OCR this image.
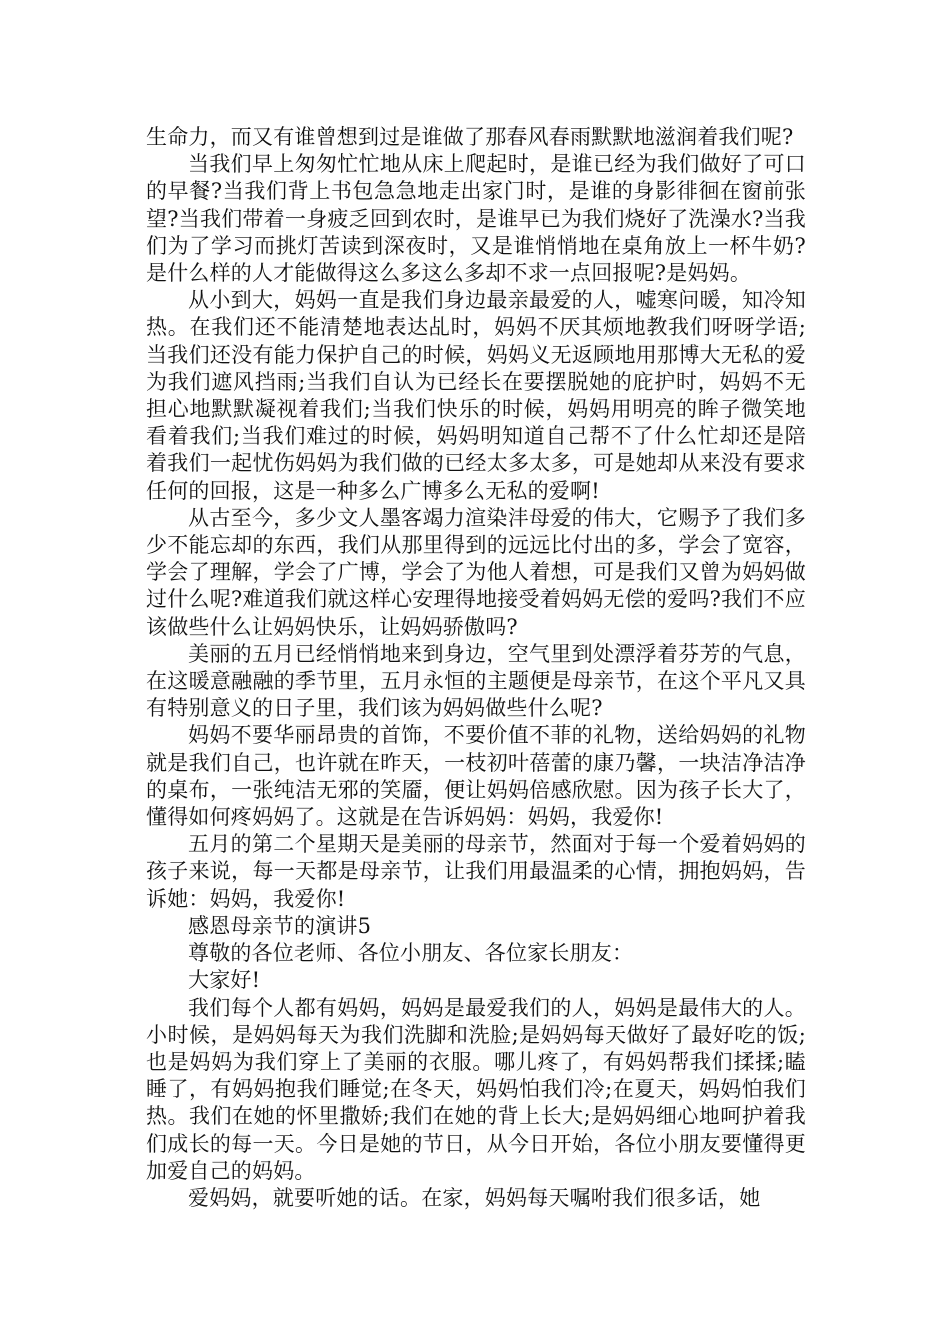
生命力，而又有谁曾想到过是谁做了那春风春雨默默地滋润着我们呢?

当我们早上匆匆忙忙地从床上爬起时，是谁已经为我们做好了可口的早餐?当我们背上书包急急地走出家门时，是谁的身影徘徊在窗前张望?当我们带着一身疲乏回到农时，是谁早已为我们烧好了洗澡水?当我们为了学习而挑灯苦读到深夜时，又是谁悄悄地在桌角放上一杯牛奶?是什么样的人才能做得这么多这么多却不求一点回报呢?是妈妈。

从小到大，妈妈一直是我们身边最亲最爱的人，嘘寒问暖，知冷知热。在我们还不能清楚地表达乩时，妈妈不厌其烦地教我们呀呀学语;当我们还没有能力保护自己的时候，妈妈义无返顾地用那博大无私的爱为我们遮风挡雨;当我们自认为已经长在要摆脱她的庇护时，妈妈不无担心地默默凝视着我们;当我们快乐的时候，妈妈用明亮的眸子微笑地看着我们;当我们难过的时候，妈妈明知道自己帮不了什么忙却还是陪着我们一起忧伤妈妈为我们做的已经太多太多，可是她却从来没有要求任何的回报，这是一种多么广博多么无私的爱啊!

从古至今，多少文人墨客竭力渲染沣母爱的伟大，它赐予了我们多少不能忘却的东西，我们从那里得到的远远比付出的多，学会了宽容，学会了理解，学会了广博，学会了为他人着想，可是我们又曾为妈妈做过什么呢?难道我们就这样心安理得地接受着妈妈无偿的爱吗?我们不应该做些什么让妈妈快乐，让妈妈骄傲吗?

美丽的五月已经悄悄地来到身边，空气里到处漂浮着芬芳的气息，在这暖意融融的季节里，五月永恒的主题便是母亲节，在这个平凡又具有特别意义的日子里，我们该为妈妈做些什么呢?

妈妈不要华丽昂贵的首饰，不要价值不菲的礼物，送给妈妈的礼物就是我们自己，也许就在昨天，一枝初叶蓓蕾的康乃馨，一块洁净洁净的桌布，一张纯洁无邪的笑靥，便让妈妈倍感欣慰。因为孩子长大了，懂得如何疼妈妈了。这就是在告诉妈妈：妈妈，我爱你!

五月的第二个星期天是美丽的母亲节，然面对于每一个爱着妈妈的孩子来说，每一天都是母亲节，让我们用最温柔的心情，拥抱妈妈，告诉她：妈妈，我爱你!

感恩母亲节的演讲5

尊敬的各位老师、各位小朋友、各位家长朋友：

大家好!

我们每个人都有妈妈，妈妈是最爱我们的人，妈妈是最伟大的人。小时候，是妈妈每天为我们洗脚和洗脸;是妈妈每天做好了最好吃的饭;也是妈妈为我们穿上了美丽的衣服。哪儿疼了，有妈妈帮我们揉揉;瞌睡了，有妈妈抱我们睡觉;在冬天，妈妈怕我们冷;在夏天，妈妈怕我们热。我们在她的怀里撒娇;我们在她的背上长大;是妈妈细心地呵护着我们成长的每一天。今日是她的节日，从今日开始，各位小朋友要懂得更加爱自己的妈妈。

爱妈妈，就要听她的话。在家，妈妈每天嘱咐我们很多话，她
